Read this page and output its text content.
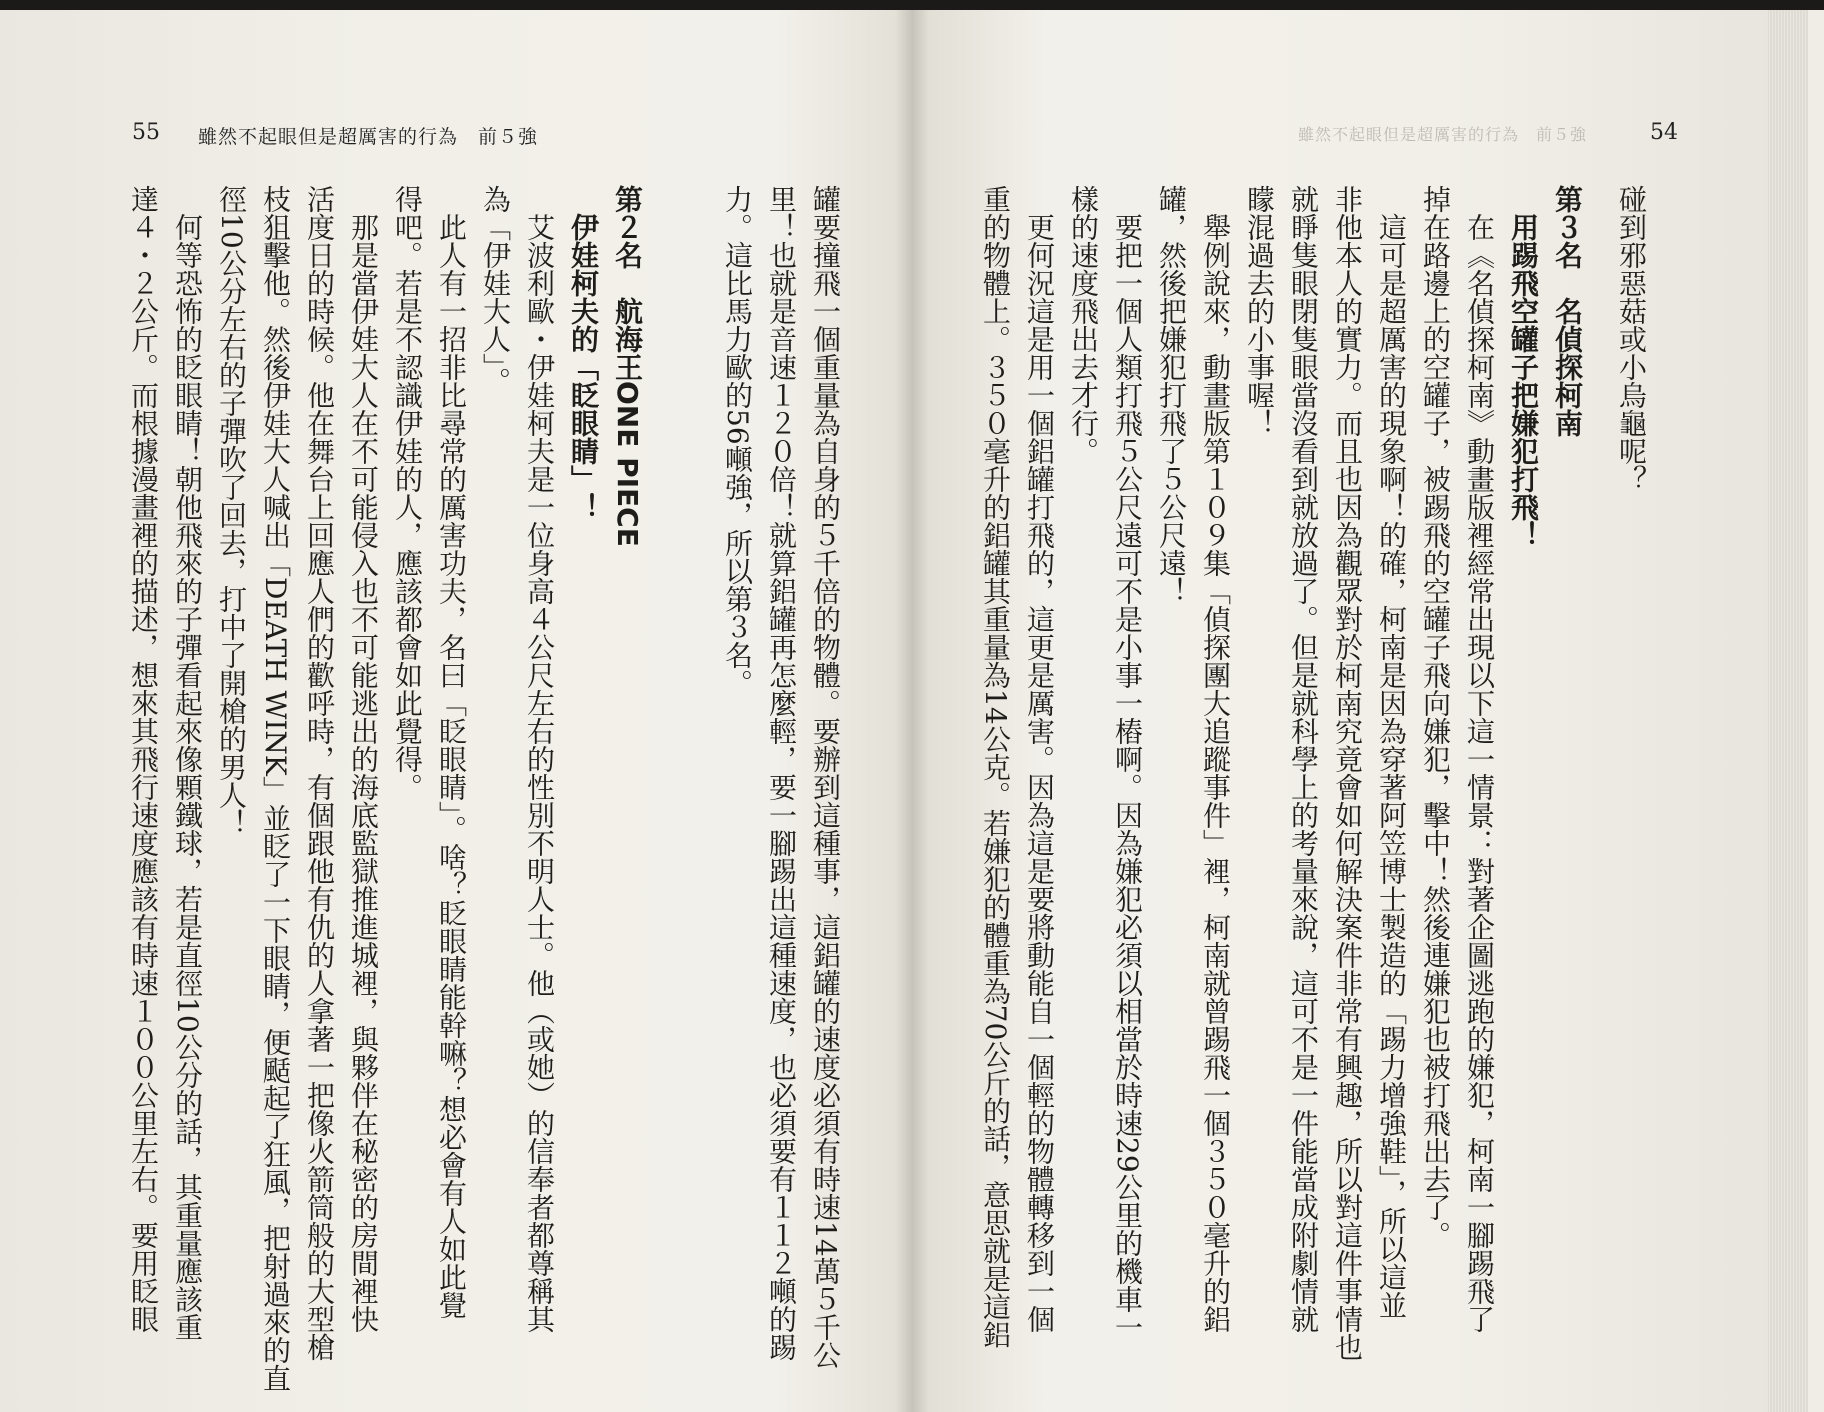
55 雖然不起眼但是超厲害的行為　前５強
罐要撞飛一個重量為自身的５千倍的物體。要辦到這種事，這鋁罐的速度必須有時速14萬５千公
里！也就是音速１２０倍！就算鋁罐再怎麼輕，要一腳踢出這種速度，也必須要有１１２噸的踢
力。這比馬力歐的56噸強，所以第３名。
第２名　航海王ONE PIECE
伊娃柯夫的「眨眼睛」！
艾波利歐・伊娃柯夫是一位身高４公尺左右的性別不明人士。他（或她）的信奉者都尊稱其
為「伊娃大人」。
此人有一招非比尋常的厲害功夫，名曰「眨眼睛」。啥？眨眼睛能幹嘛？想必會有人如此覺
得吧。若是不認識伊娃的人，應該都會如此覺得。
那是當伊娃大人在不可能侵入也不可能逃出的海底監獄推進城裡，與夥伴在秘密的房間裡快
活度日的時候。他在舞台上回應人們的歡呼時，有個跟他有仇的人拿著一把像火箭筒般的大型槍
枝狙擊他。然後伊娃大人喊出「DEATH WINK」並眨了一下眼睛，便颳起了狂風，把射過來的直
徑10公分左右的子彈吹了回去，打中了開槍的男人！
何等恐怖的眨眼睛！朝他飛來的子彈看起來像顆鐵球，若是直徑10公分的話，其重量應該重
達４・２公斤。而根據漫畫裡的描述，想來其飛行速度應該有時速１００公里左右。要用眨眼
雖然不起眼但是超厲害的行為　前５強	54
碰到邪惡菇或小烏龜呢？
第３名　名偵探柯南
用踢飛空罐子把嫌犯打飛！
在《名偵探柯南》動畫版裡經常出現以下這一情景：對著企圖逃跑的嫌犯，柯南一腳踢飛了
掉在路邊上的空罐子，被踢飛的空罐子飛向嫌犯，擊中！然後連嫌犯也被打飛出去了。
這可是超厲害的現象啊！的確，柯南是因為穿著阿笠博士製造的「踢力增強鞋」，所以這並
非他本人的實力。而且也因為觀眾對於柯南究竟會如何解決案件非常有興趣，所以對這件事情也
就睜隻眼閉隻眼當沒看到就放過了。但是就科學上的考量來說，這可不是一件能當成附劇情就
矇混過去的小事喔！
舉例說來，動畫版第１０９集「偵探團大追蹤事件」裡，柯南就曾踢飛一個３５０毫升的鋁
罐，然後把嫌犯打飛了５公尺遠！
要把一個人類打飛５公尺遠可不是小事一樁啊。因為嫌犯必須以相當於時速29公里的機車一
樣的速度飛出去才行。
更何況這是用一個鋁罐打飛的，這更是厲害。因為這是要將動能自一個輕的物體轉移到一個
重的物體上。３５０毫升的鋁罐其重量為14公克。若嫌犯的體重為70公斤的話，意思就是這鋁
